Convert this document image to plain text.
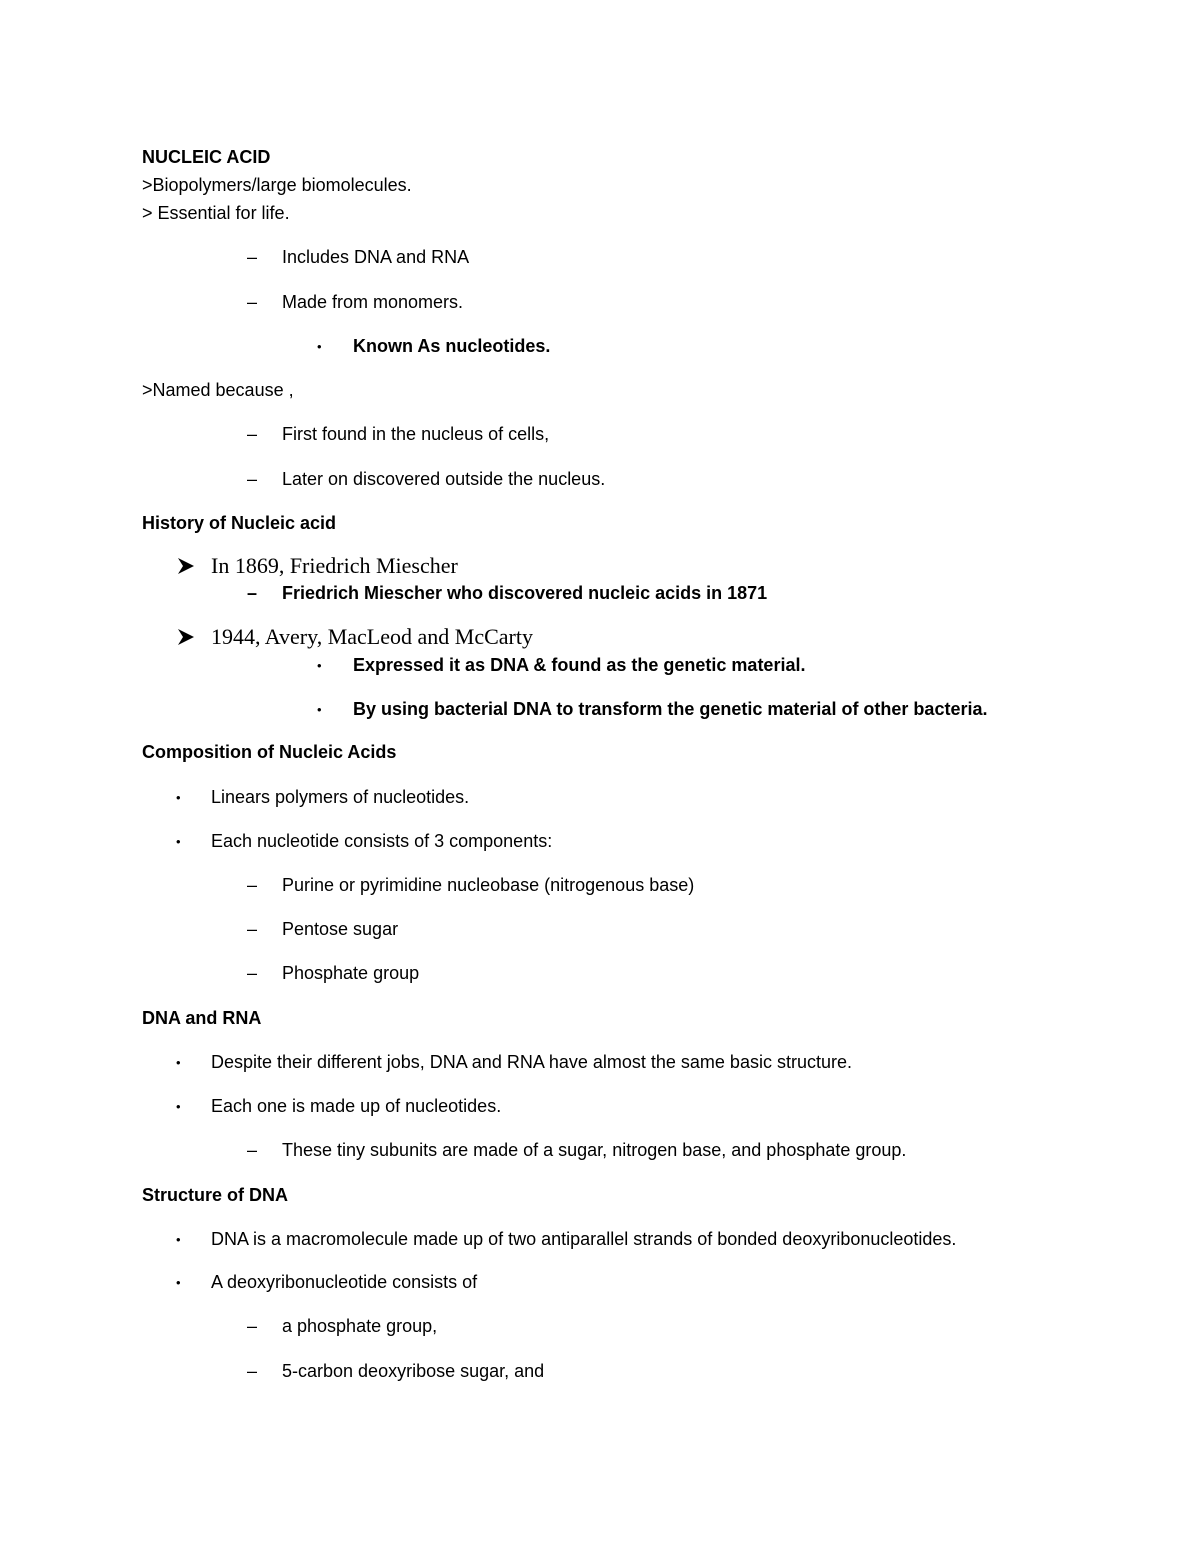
NUCLEIC ACID
>Biopolymers/large biomolecules.
> Essential for life.
– Includes DNA and RNA
– Made from monomers.
• Known As nucleotides.
>Named because ,
– First found in the nucleus of cells,
– Later on discovered outside the nucleus.
History of Nucleic acid
In 1869, Friedrich Miescher
– Friedrich Miescher who discovered nucleic acids in 1871
1944, Avery, MacLeod and McCarty
• Expressed it as DNA & found as the genetic material.
• By using bacterial DNA to transform the genetic material of other bacteria.
Composition of Nucleic Acids
• Linears polymers of nucleotides.
• Each nucleotide consists of 3 components:
– Purine or pyrimidine nucleobase (nitrogenous base)
– Pentose sugar
– Phosphate group
DNA and RNA
• Despite their different jobs, DNA and RNA have almost the same basic structure.
• Each one is made up of nucleotides.
– These tiny subunits are made of a sugar, nitrogen base, and phosphate group.
Structure of DNA
• DNA is a macromolecule made up of two antiparallel strands of bonded deoxyribonucleotides.
• A deoxyribonucleotide consists of
– a phosphate group,
– 5-carbon deoxyribose sugar, and
